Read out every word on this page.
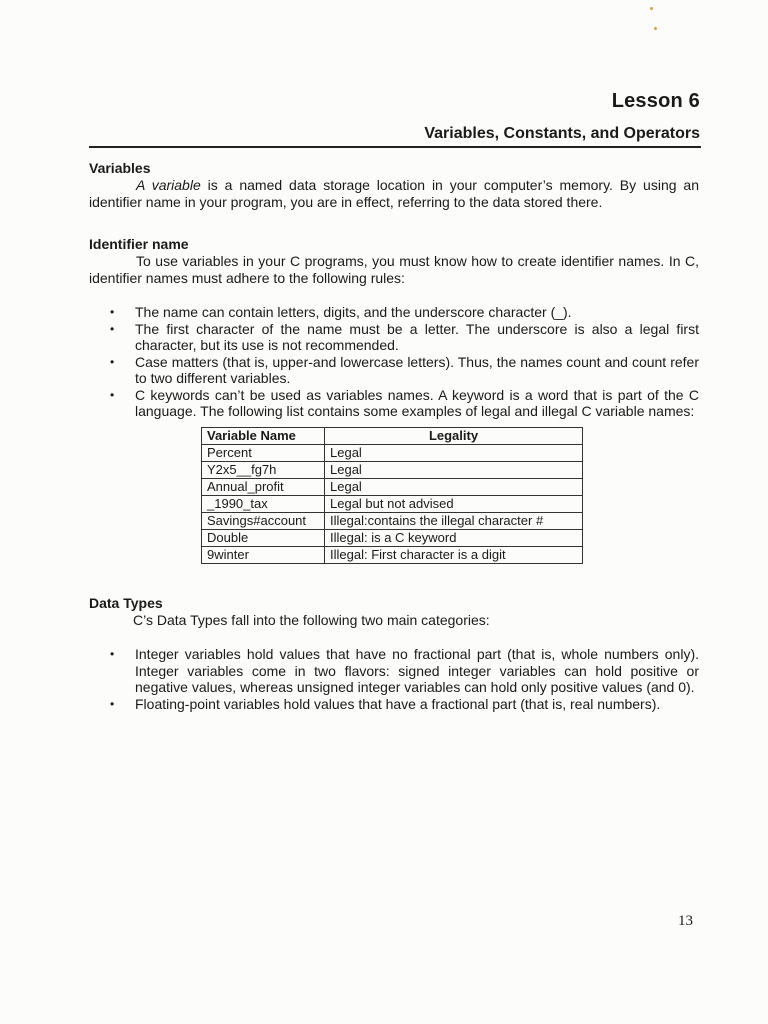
Lesson 6
Variables, Constants, and Operators
Variables

A variable is a named data storage location in your computer’s memory. By using an identifier name in your program, you are in effect, referring to the data stored there.

Identifier name

To use variables in your C programs, you must know how to create identifier names. In C, identifier names must adhere to the following rules:

• The name can contain letters, digits, and the underscore character (_).
• The first character of the name must be a letter. The underscore is also a legal first character, but its use is not recommended.
• Case matters (that is, upper-and lowercase letters). Thus, the names count and count refer to two different variables.
• C keywords can’t be used as variables names. A keyword is a word that is part of the C language. The following list contains some examples of legal and illegal C variable names:
Variable Name	Legality
Percent	Legal
Y2x5__fg7h	Legal
Annual_profit	Legal
_1990_tax	Legal but not advised
Savings#account	Illegal:contains the illegal character #
Double	Illegal: is a C keyword
9winter	Illegal: First character is a digit
Data Types

C’s Data Types fall into the following two main categories:

• Integer variables hold values that have no fractional part (that is, whole numbers only). Integer variables come in two flavors: signed integer variables can hold positive or negative values, whereas unsigned integer variables can hold only positive values (and 0).
• Floating-point variables hold values that have a fractional part (that is, real numbers).
13
